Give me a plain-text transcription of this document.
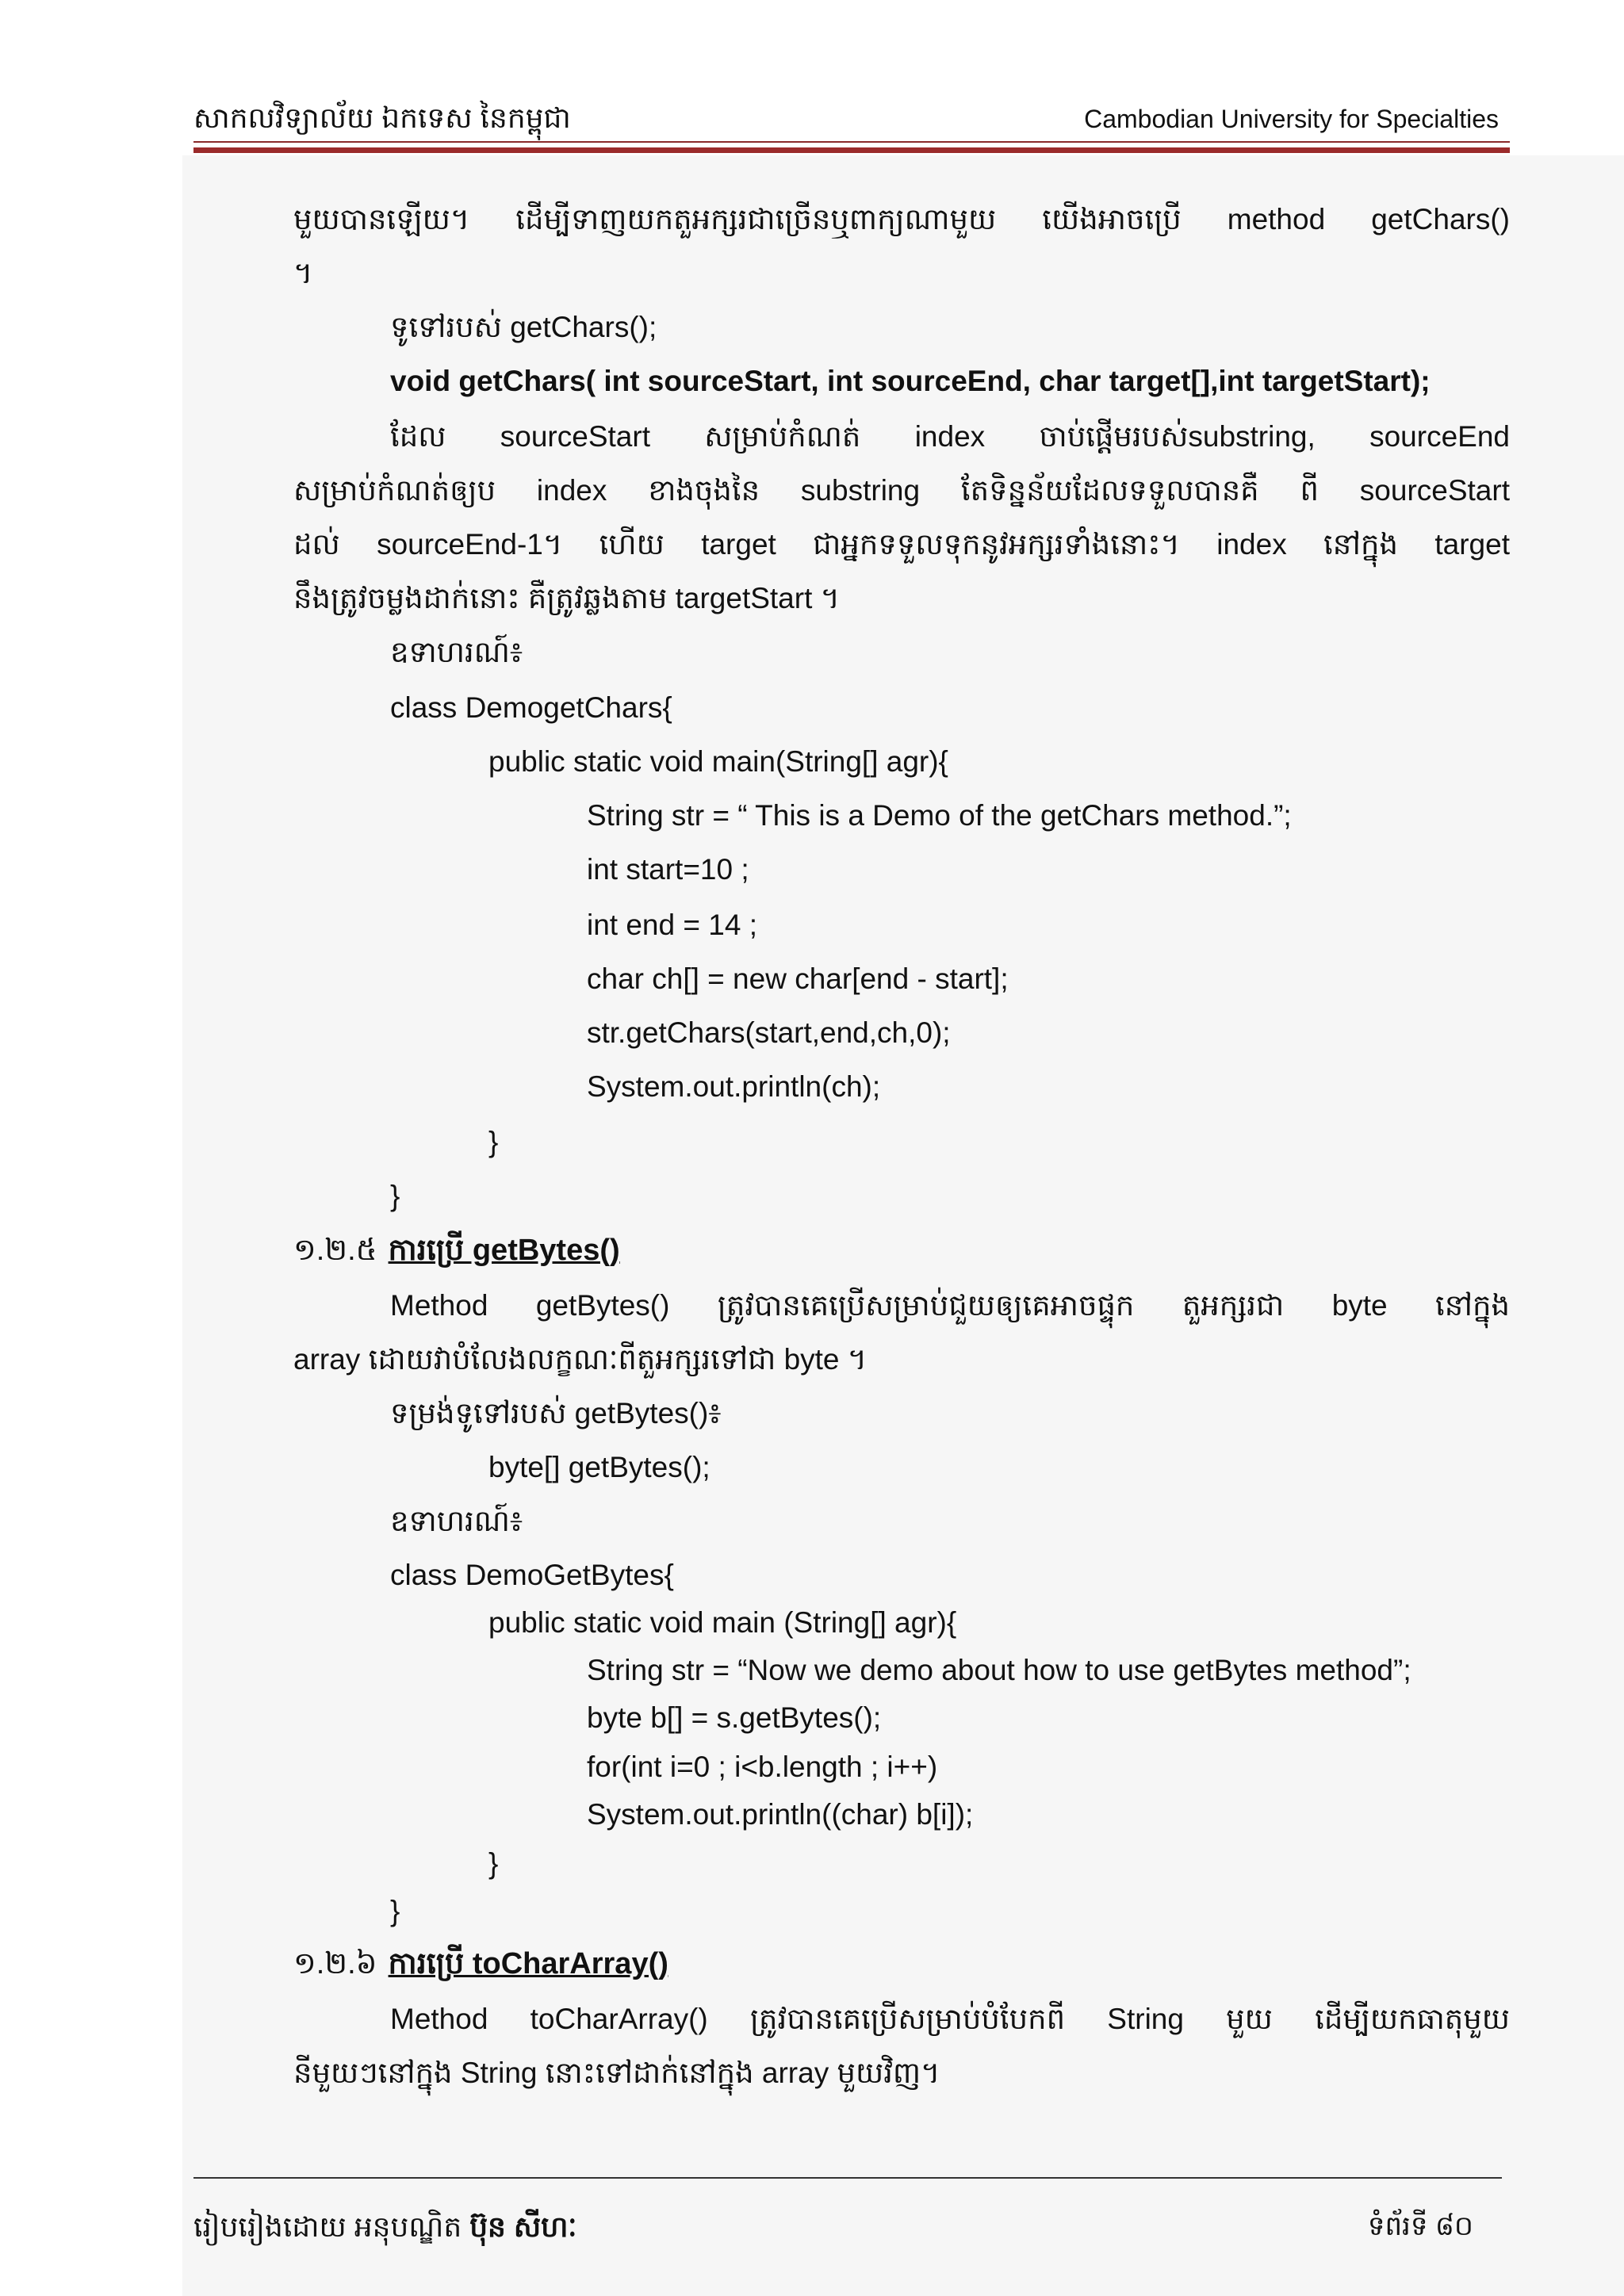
សាកលវិទ្យាល័យ ឯកទេស នៃកម្ពុជា	Cambodian University for Specialties
មួយបានឡើយ។ ដើម្បីទាញយកតួអក្សរជាច្រើនឬពាក្យណាមួយ យើងអាចប្រើ method getChars()
។
ទូទៅរបស់ getChars();
void getChars( int sourceStart, int sourceEnd, char target[],int targetStart);
ដែល sourceStart សម្រាប់កំណត់ index ចាប់ផ្ដើមរបស់substring, sourceEnd
សម្រាប់កំណត់ឲ្យប index ខាងចុងនៃ substring តែទិន្នន័យដែលទទួលបានគឺ ពី sourceStart
ដល់ sourceEnd-1។ ហើយ target ជាអ្នកទទួលទុកនូវអក្សរទាំងនោះ។ index នៅក្នុង target
នឹងត្រូវចម្លងដាក់នោះ គឺត្រូវឆ្លងតាម targetStart ។
ឧទាហរណ៍៖
class DemogetChars{
public static void main(String[] agr){
String str = “ This is a Demo of the getChars method.”;
int start=10 ;
int end = 14 ;
char ch[] = new char[end - start];
str.getChars(start,end,ch,0);
System.out.println(ch);
}
}
១.២.៥ ការប្រើ getBytes()
Method getBytes() ត្រូវបានគេប្រើសម្រាប់ជួយឲ្យគេអាចផ្ទុក តួអក្សរជា byte នៅក្នុង
array ដោយវាបំលែងលក្ខណៈពីតួអក្សរទៅជា byte ។
ទម្រង់ទូទៅរបស់ getBytes()៖
byte[] getBytes();
ឧទាហរណ៍៖
class DemoGetBytes{
public static void main (String[] agr){
String str = “Now we demo about how to use getBytes method”;
byte b[] = s.getBytes();
for(int i=0 ; i<b.length ; i++)
System.out.println((char) b[i]);
}
}
១.២.៦ ការប្រើ toCharArray()
Method toCharArray() ត្រូវបានគេប្រើសម្រាប់បំបែកពី String មួយ ដើម្បីយកធាតុមួយ
នីមួយៗនៅក្នុង String នោះទៅដាក់នៅក្នុង array មួយវិញ។
រៀបរៀងដោយ អនុបណ្ឌិត ប៊ុន សីហៈ	ទំព័រទី ៨០
